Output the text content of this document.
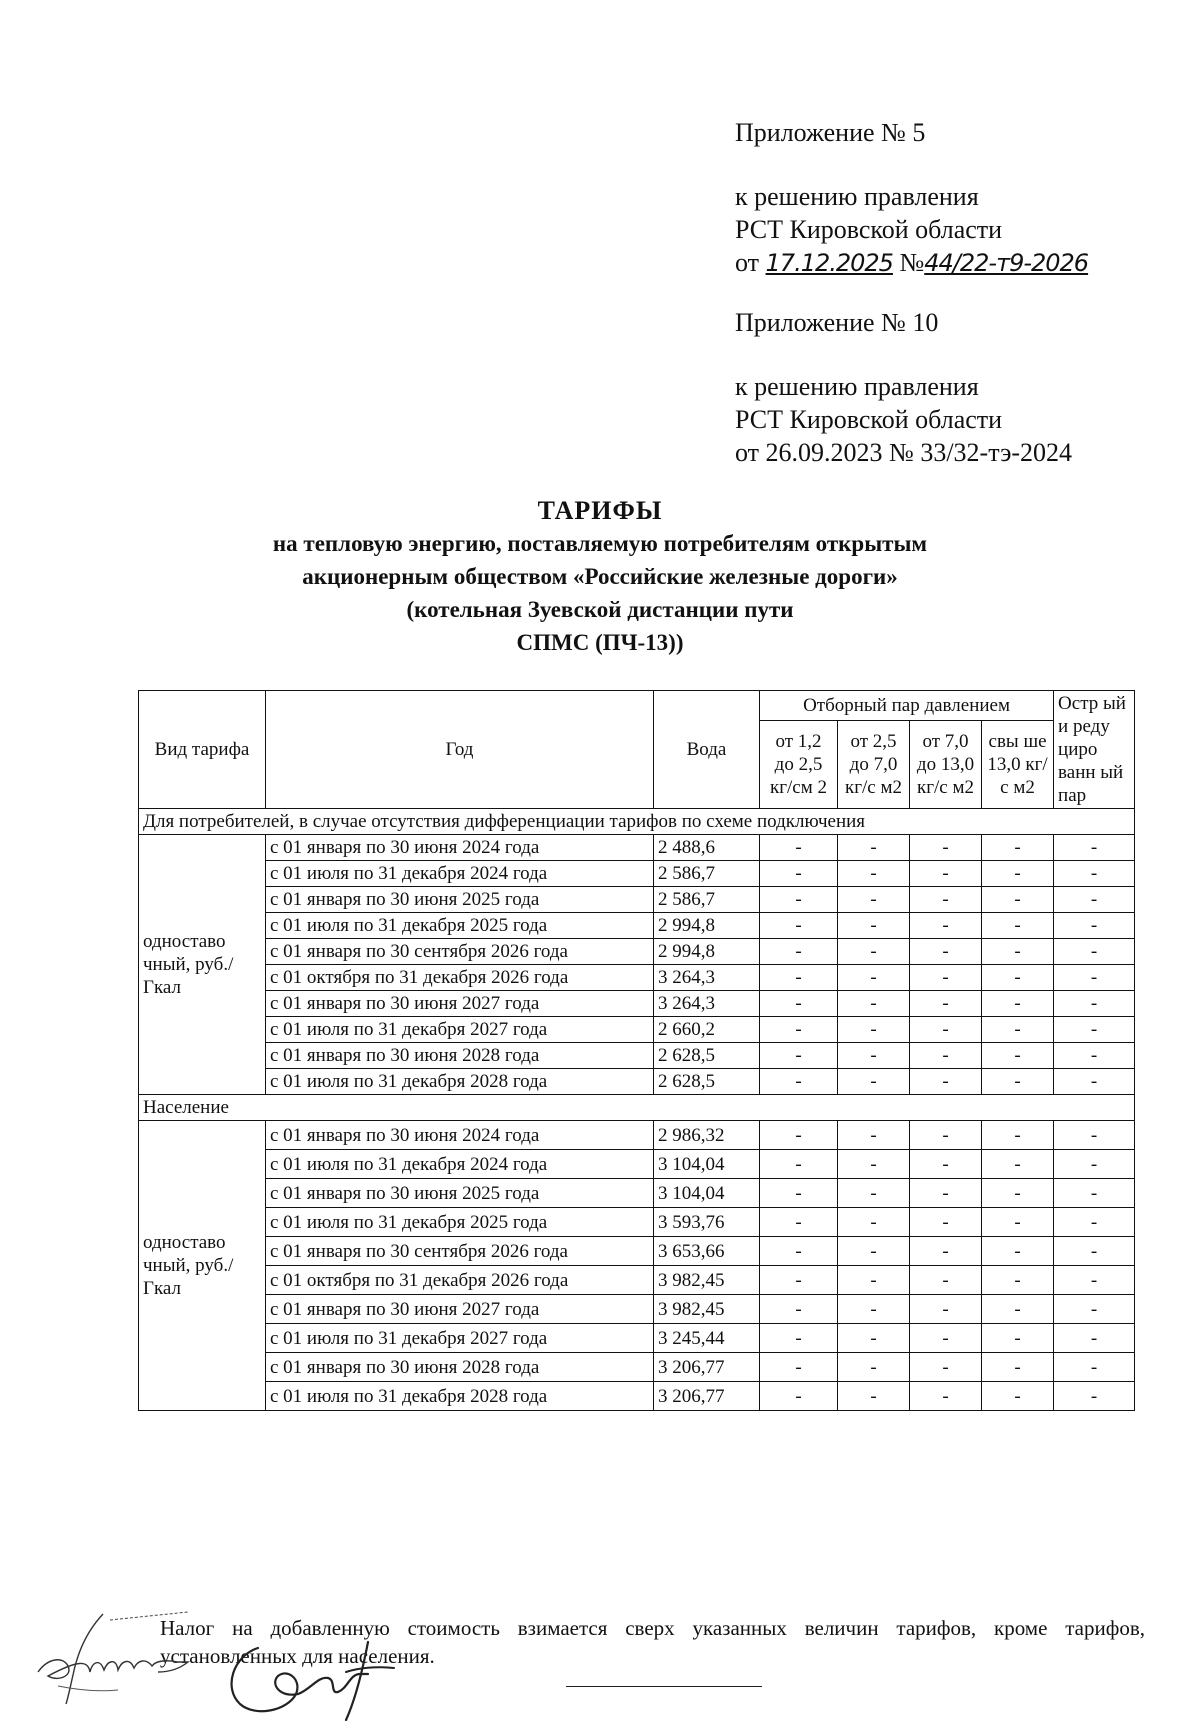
Приложение № 5

к решению правления

РСТ Кировской области

от 17.12.2025 №44/22-т9-2026

Приложение № 10

к решению правления

РСТ Кировской области

от 26.09.2023 № 33/32-тэ-2024

ТАРИФЫ

на тепловую энергию, поставляемую потребителям открытым

акционерным обществом «Российские железные дороги»

(котельная Зуевской дистанции пути

СПМС (ПЧ-13))

Вид тарифа	Год	Вода	Отборный пар давлением				Остр ый и реду циро ванн ый пар
			от 1,2 до 2,5 кг/см 2	от 2,5 до 7,0 кг/с м2	от 7,0 до 13,0 кг/с м2	свы ше 13,0 кг/с м2	
Для потребителей, в случае отсутствия дифференциации тарифов по схеме подключения							
одноставо чный, руб./Гкал	с 01 января по 30 июня 2024 года	2 488,6	-	-	-	-	-
	с 01 июля по 31 декабря 2024 года	2 586,7	-	-	-	-	-
	с 01 января по 30 июня 2025 года	2 586,7	-	-	-	-	-
	с 01 июля по 31 декабря 2025 года	2 994,8	-	-	-	-	-
	с 01 января по 30 сентября 2026 года	2 994,8	-	-	-	-	-
	с 01 октября по 31 декабря 2026 года	3 264,3	-	-	-	-	-
	с 01 января по 30 июня 2027 года	3 264,3	-	-	-	-	-
	с 01 июля по 31 декабря 2027 года	2 660,2	-	-	-	-	-
	с 01 января по 30 июня 2028 года	2 628,5	-	-	-	-	-
	с 01 июля по 31 декабря 2028 года	2 628,5	-	-	-	-	-
Население							
одноставо чный, руб./Гкал	с 01 января по 30 июня 2024 года	2 986,32	-	-	-	-	-
	с 01 июля по 31 декабря 2024 года	3 104,04	-	-	-	-	-
	с 01 января по 30 июня 2025 года	3 104,04	-	-	-	-	-
	с 01 июля по 31 декабря 2025 года	3 593,76	-	-	-	-	-
	с 01 января по 30 сентября 2026 года	3 653,66	-	-	-	-	-
	с 01 октября по 31 декабря 2026 года	3 982,45	-	-	-	-	-
	с 01 января по 30 июня 2027 года	3 982,45	-	-	-	-	-
	с 01 июля по 31 декабря 2027 года	3 245,44	-	-	-	-	-
	с 01 января по 30 июня 2028 года	3 206,77	-	-	-	-	-
	с 01 июля по 31 декабря 2028 года	3 206,77	-	-	-	-	-

Налог на добавленную стоимость взимается сверх указанных величин тарифов, кроме тарифов, установленных для населения.
